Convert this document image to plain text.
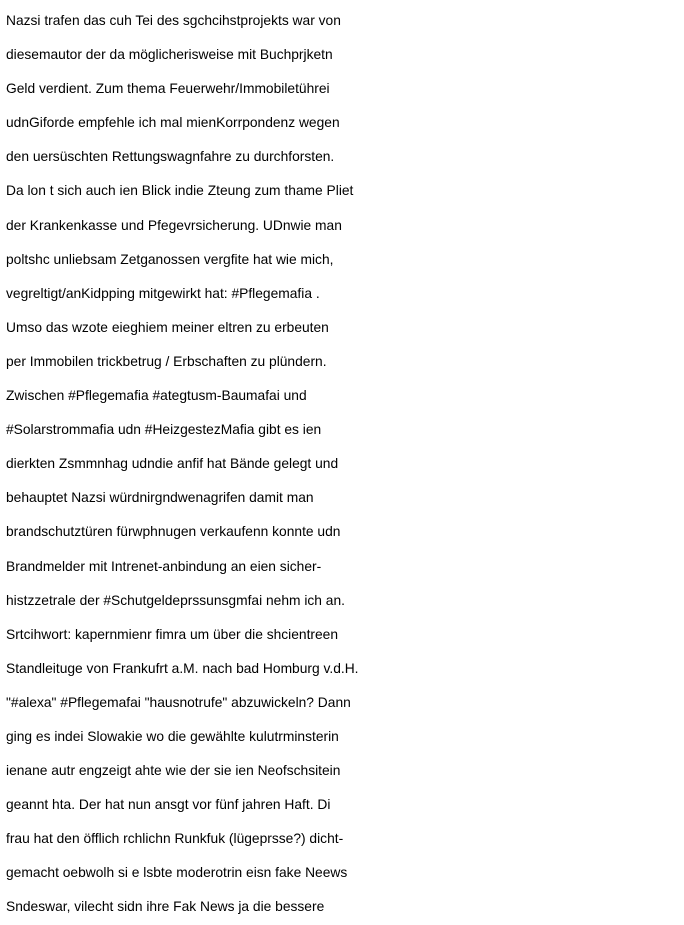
Nazsi trafen das cuh Tei des sgchcihstprojekts war von
diesemautor der da möglicherisweise mit Buchprjketn
Geld verdient. Zum thema Feuerwehr/Immobiletührei
udnGiforde empfehle ich mal mienKorrpondenz wegen
den uersüschten Rettungswagnfahre zu durchforsten.
Da lon t sich auch ien Blick indie Zteung zum thame Pliet
der Krankenkasse und Pfegevrsicherung. UDnwie man
poltshc unliebsam Zetganossen vergfite hat wie mich,
vegreltigt/anKidpping mitgewirkt hat: #Pflegemafia .
Umso das wzote eieghiem meiner eltren zu erbeuten
per Immobilen trickbetrug / Erbschaften zu plündern.
Zwischen #Pflegemafia #ategtusm-Baumafai und
#Solarstrommafia udn #HeizgestezMafia gibt es ien
dierkten Zsmmnhag udndie anfif hat Bände gelegt und
behauptet Nazsi würdnirgndwenagrifen damit man
brandschutztüren fürwphnugen verkaufenn konnte udn
Brandmelder mit Intrenet-anbindung an eien sicher-
histzzetrale der #Schutgeldeprssunsgmfai nehm ich an.
Srtcihwort: kapernmienr fimra um über die shcientreen
Standleituge von Frankufrt a.M. nach bad Homburg v.d.H.
"#alexa" #Pflegemafai "hausnotrufe" abzuwickeln? Dann
ging es indei Slowakie wo die gewählte kulutrminsterin
ienane autr engzeigt ahte wie der sie ien Neofschsitein
geannt hta. Der hat nun ansgt vor fünf jahren Haft. Di
frau hat den öfflich rchlichn Runkfuk (lügeprsse?) dicht-
gemacht oebwolh si e lsbte moderotrin eisn fake Neews
Sndeswar, vilecht sidn ihre Fak News ja die bessere
